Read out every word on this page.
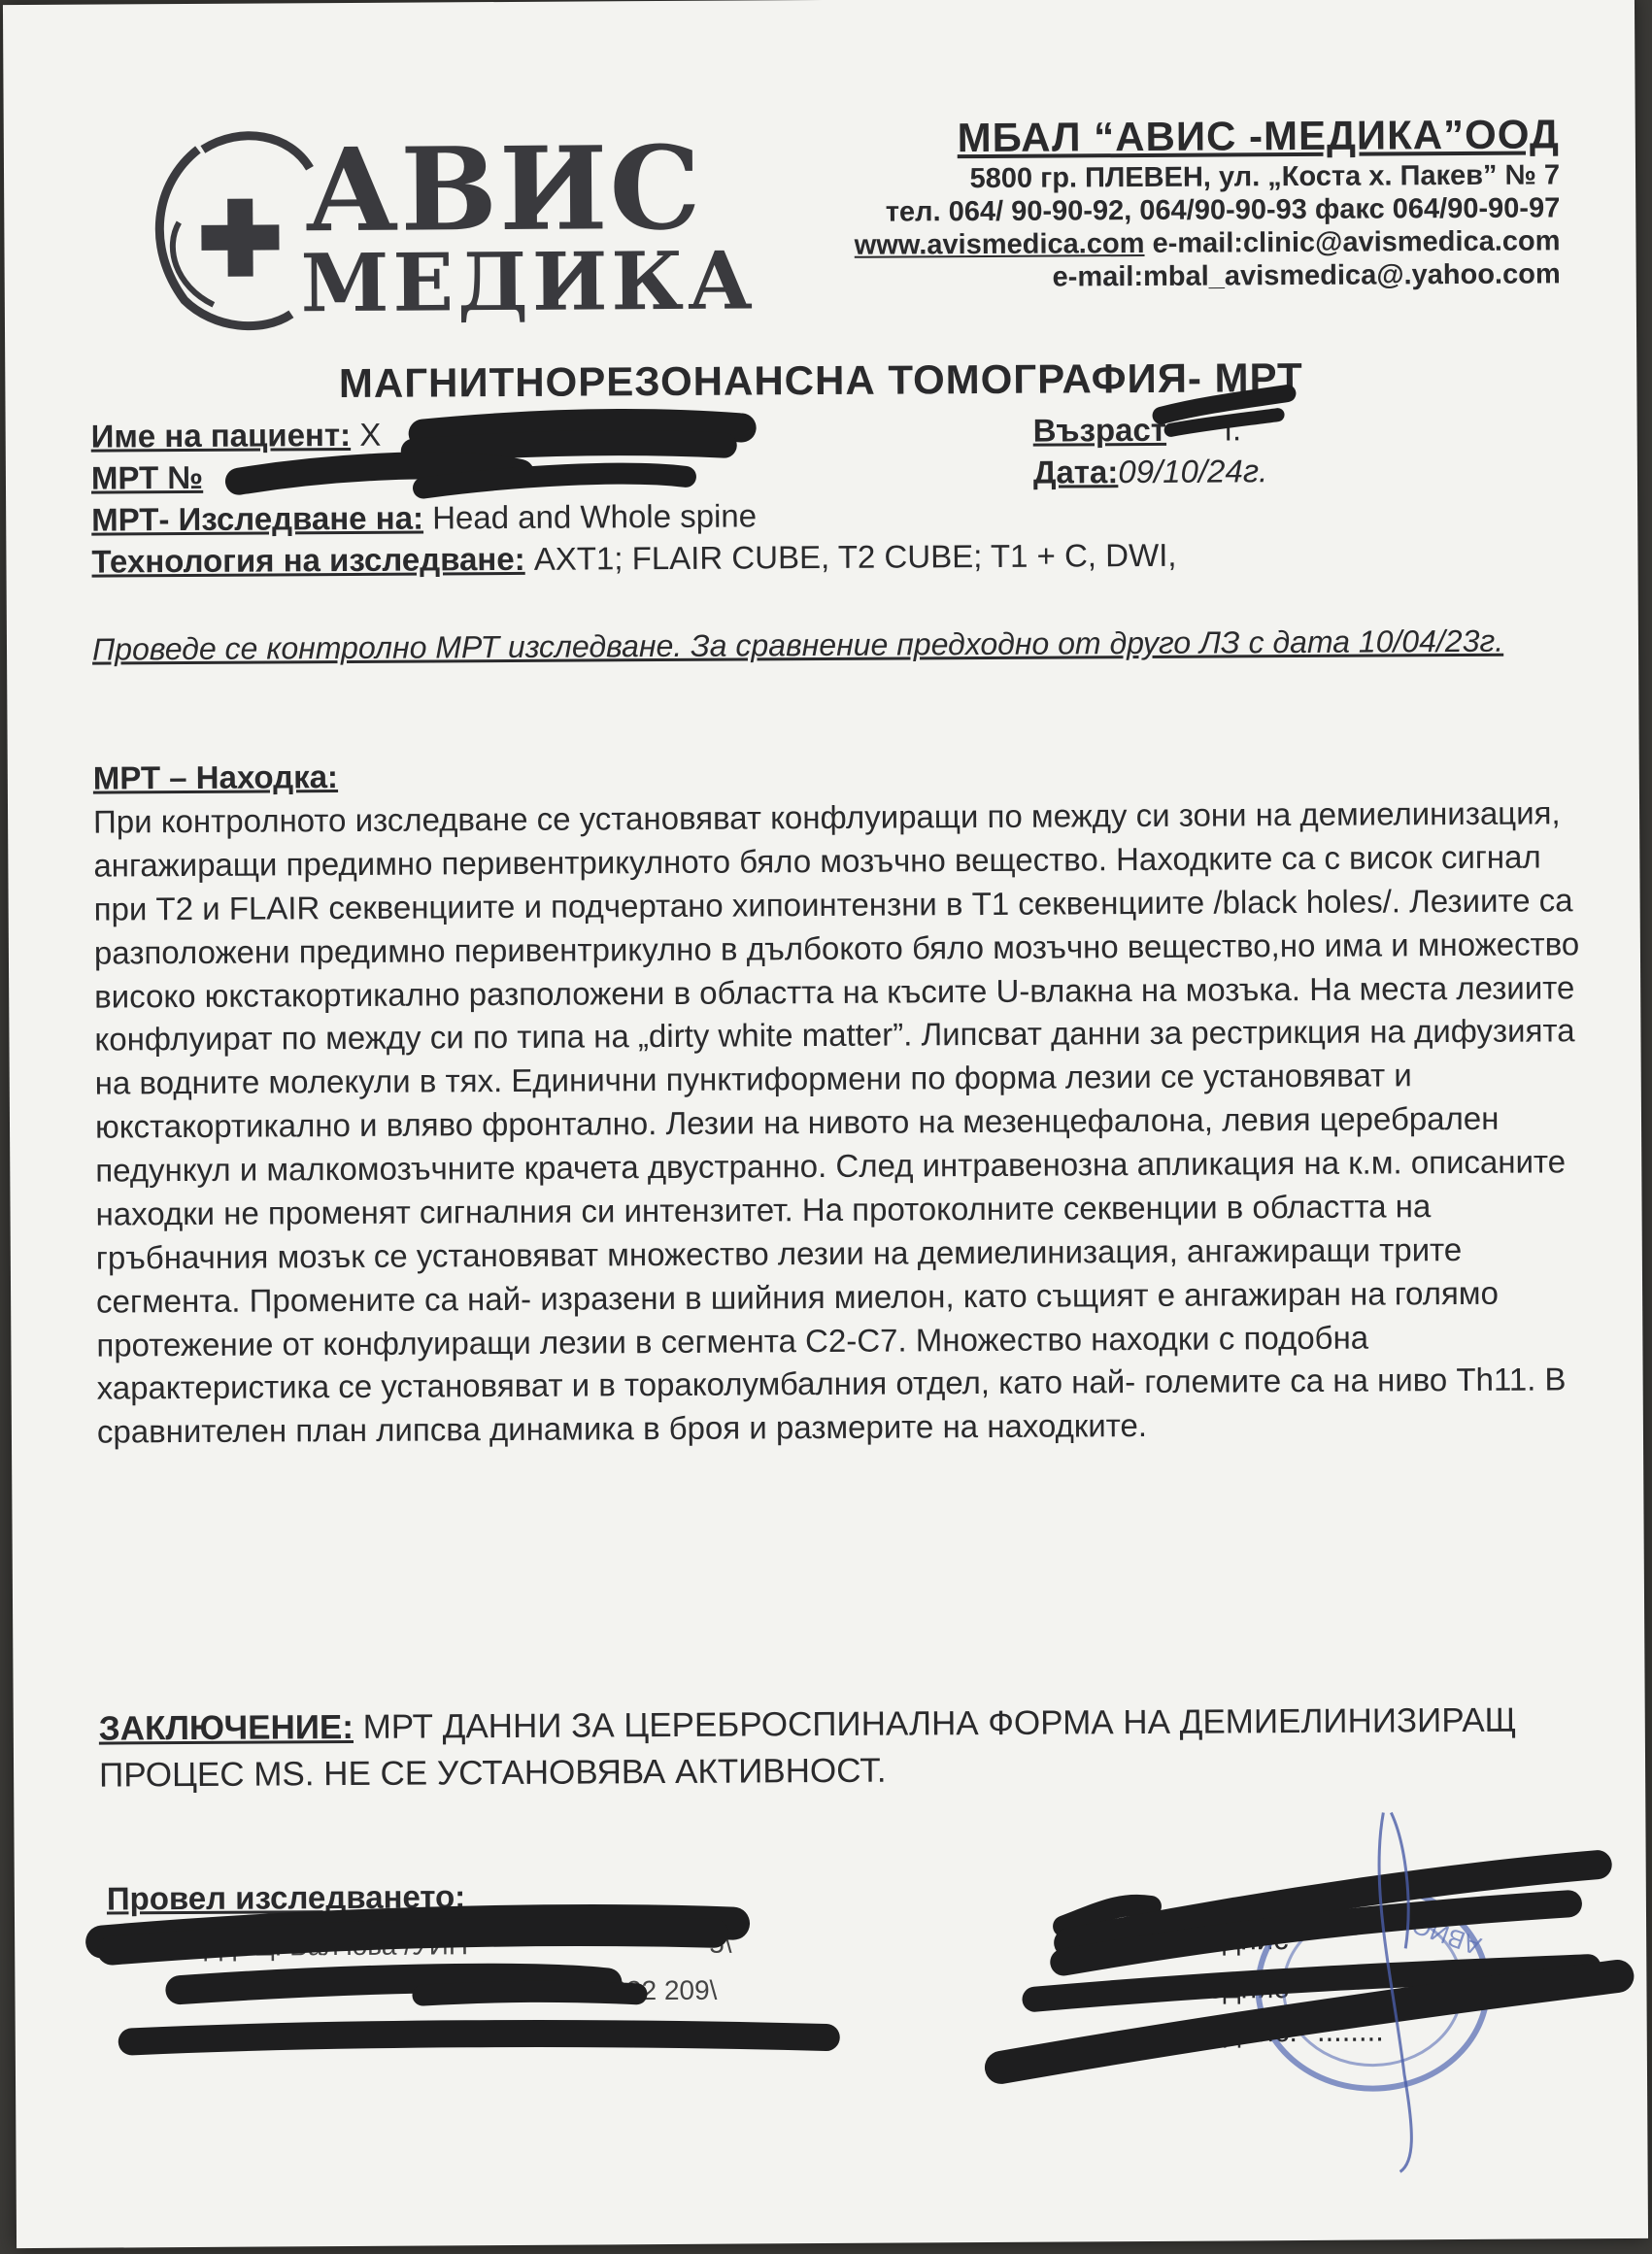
АВИС
МЕДИКА
МБАЛ “АВИС -МЕДИКА”ООД
5800 гр. ПЛЕВЕН, ул. „Коста х. Пакев” № 7
тел. 064/ 90-90-92, 064/90-90-93 факс 064/90-90-97
www.avismedica.com e-mail:clinic@avismedica.com
e-mail:mbal_avismedica@.yahoo.com
МАГНИТНОРЕЗОНАНСНА ТОМОГРАФИЯ- МРТ
Име на пациент: Х	Възраст г.
МРТ №	Дата:09/10/24г.
МРТ- Изследване на: Head and Whole spine
Технология на изследване: AXT1; FLAIR CUBE, T2 CUBE; T1 + C, DWI,
Проведе се контролно МРТ изследване. За сравнение предходно от друго ЛЗ с дата 10/04/23г.
МРТ – Находка:
При контролното изследване се установяват конфлуиращи по между си зони на демиелинизация, ангажиращи предимно перивентрикулното бяло мозъчно вещество. Находките са с висок сигнал при T2 и FLAIR секвенциите и подчертано хипоинтензни в T1 секвенциите /black holes/. Лезиите са разположени предимно перивентрикулно в дълбокото бяло мозъчно вещество,но има и множество високо юкстакортикално разположени в областта на късите U-влакна на мозъка. На места лезиите конфлуират по между си по типа на „dirty white matter”. Липсват данни за рестрикция на дифузията на водните молекули в тях. Единични пунктиформени по форма лезии се установяват и юкстакортикално и вляво фронтално. Лезии на нивото на мезенцефалона, левия церебрален педункул и малкомозъчните крачета двустранно. След интравенозна апликация на к.м. описаните находки не променят сигналния си интензитет. На протоколните секвенции в областта на гръбначния мозък се установяват множество лезии на демиелинизация, ангажиращи трите сегмента. Промените са най- изразени в шийния миелон, като същият е ангажиран на голямо протежение от конфлуиращи лезии в сегмента С2-С7. Множество находки с подобна характеристика се установяват и в тораколумбалния отдел, като най- големите са на ниво Th11. В сравнителен план липсва динамика в броя и размерите на находките.
ЗАКЛЮЧЕНИЕ: МРТ ДАННИ ЗА ЦЕРЕБРОСПИНАЛНА ФОРМА НА ДЕМИЕЛИНИЗИРАЩ ПРОЦЕС MS. НЕ СЕ УСТАНОВЯВА АКТИВНОСТ.
Провел изследването:
Д-р Ц. Валчова /УИН	5\
87 332 209\
Минчева
Подпис
Подпис
Подпис: ........
АВИС
